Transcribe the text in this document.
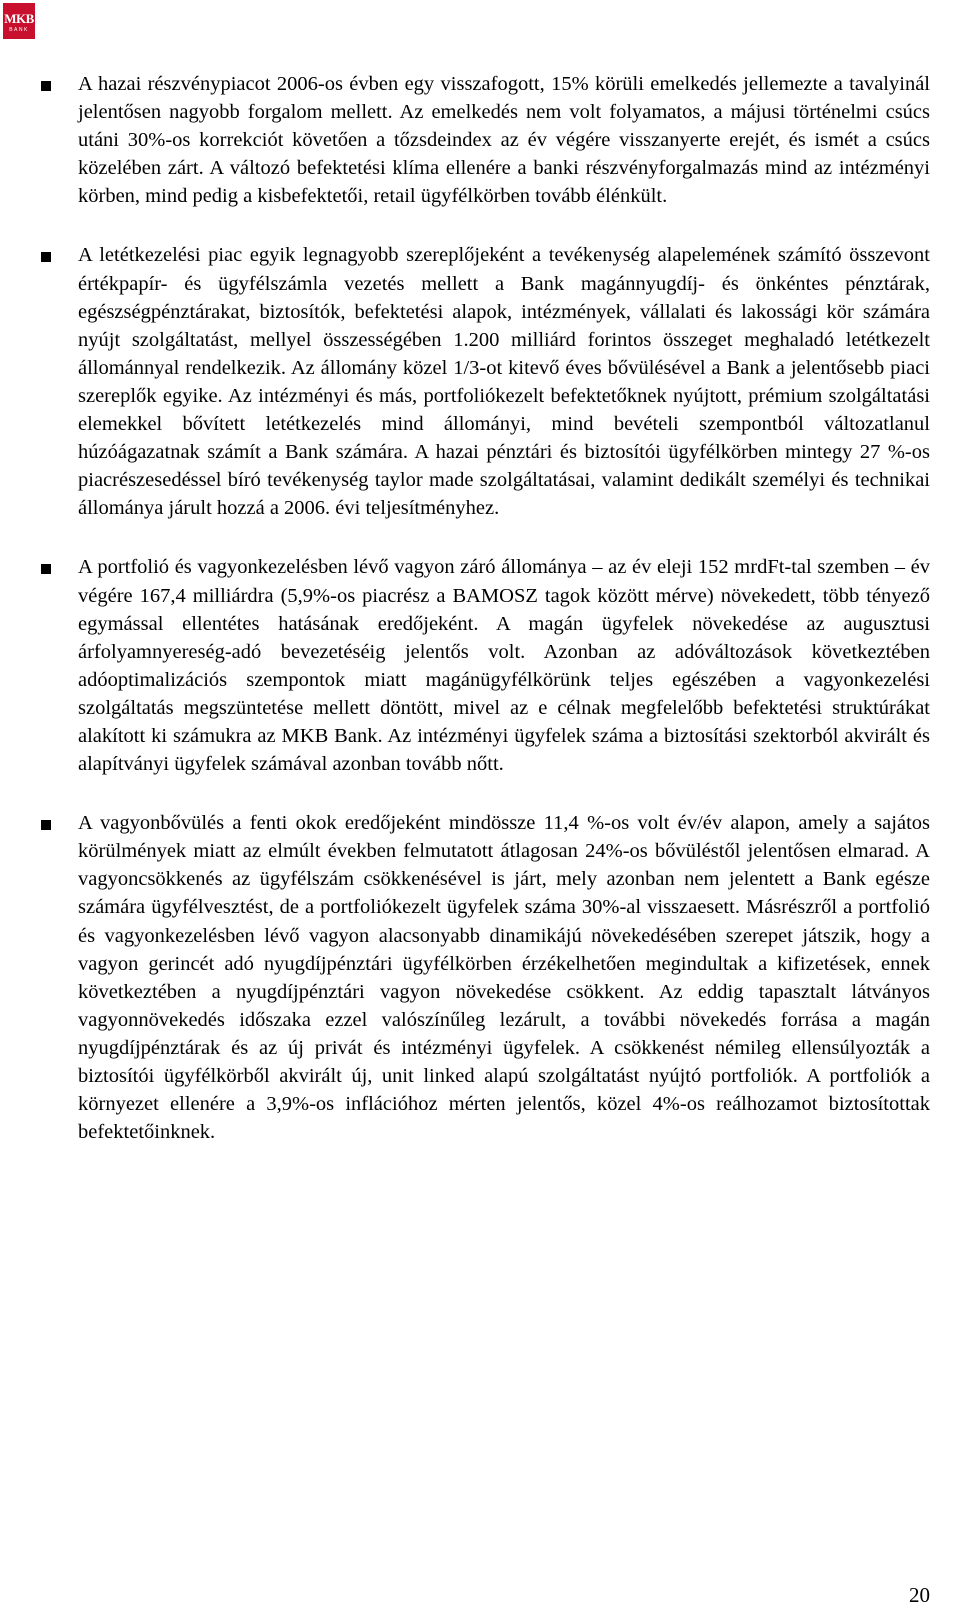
MKB
BANK
A hazai részvénypiacot 2006-os évben egy visszafogott, 15% körüli emelkedés jellemezte a tavalyinál jelentősen nagyobb forgalom mellett. Az emelkedés nem volt folyamatos, a májusi történelmi csúcs utáni 30%-os korrekciót követően a tőzsdeindex az év végére visszanyerte erejét, és ismét a csúcs közelében zárt. A változó befektetési klíma ellenére a banki részvényforgalmazás mind az intézményi körben, mind pedig a kisbefektetői, retail ügyfélkörben tovább élénkült.
A letétkezelési piac egyik legnagyobb szereplőjeként a tevékenység alapelemének számító összevont értékpapír- és ügyfélszámla vezetés mellett a Bank magánnyugdíj- és önkéntes pénztárak, egészségpénztárakat, biztosítók, befektetési alapok, intézmények, vállalati és lakossági kör számára nyújt szolgáltatást, mellyel összességében 1.200 milliárd forintos összeget meghaladó letétkezelt állománnyal rendelkezik. Az állomány közel 1/3-ot kitevő éves bővülésével a Bank a jelentősebb piaci szereplők egyike. Az intézményi és más, portfoliókezelt befektetőknek nyújtott, prémium szolgáltatási elemekkel bővített letétkezelés mind állományi, mind bevételi szempontból változatlanul húzóágazatnak számít a Bank számára. A hazai pénztári és biztosítói ügyfélkörben mintegy 27 %-os piacrészesedéssel bíró tevékenység taylor made szolgáltatásai, valamint dedikált személyi és technikai állománya járult hozzá a 2006. évi teljesítményhez.
A portfolió és vagyonkezelésben lévő vagyon záró állománya – az év eleji 152 mrdFt-tal szemben – év végére 167,4 milliárdra (5,9%-os piacrész a BAMOSZ tagok között mérve) növekedett, több tényező egymással ellentétes hatásának eredőjeként. A magán ügyfelek növekedése az augusztusi árfolyamnyereség-adó bevezetéséig jelentős volt. Azonban az adóváltozások következtében adóoptimalizációs szempontok miatt magánügyfélkörünk teljes egészében a vagyonkezelési szolgáltatás megszüntetése mellett döntött, mivel az e célnak megfelelőbb befektetési struktúrákat alakított ki számukra az MKB Bank. Az intézményi ügyfelek száma a biztosítási szektorból akvirált és alapítványi ügyfelek számával azonban tovább nőtt.
A vagyonbővülés a fenti okok eredőjeként mindössze 11,4 %-os volt év/év alapon, amely a sajátos körülmények miatt az elmúlt években felmutatott átlagosan 24%-os bővüléstől jelentősen elmarad. A vagyoncsökkenés az ügyfélszám csökkenésével is járt, mely azonban nem jelentett a Bank egésze számára ügyfélvesztést, de a portfoliókezelt ügyfelek száma 30%-al visszaesett. Másrészről a portfolió és vagyonkezelésben lévő vagyon alacsonyabb dinamikájú növekedésében szerepet játszik, hogy a vagyon gerincét adó nyugdíjpénztári ügyfélkörben érzékelhetően megindultak a kifizetések, ennek következtében a nyugdíjpénztári vagyon növekedése csökkent. Az eddig tapasztalt látványos vagyonnövekedés időszaka ezzel valószínűleg lezárult, a további növekedés forrása a magán nyugdíjpénztárak és az új privát és intézményi ügyfelek. A csökkenést némileg ellensúlyozták a biztosítói ügyfélkörből akvirált új, unit linked alapú szolgáltatást nyújtó portfoliók. A portfoliók a környezet ellenére a 3,9%-os inflációhoz mérten jelentős, közel 4%-os reálhozamot biztosítottak befektetőinknek.
20
